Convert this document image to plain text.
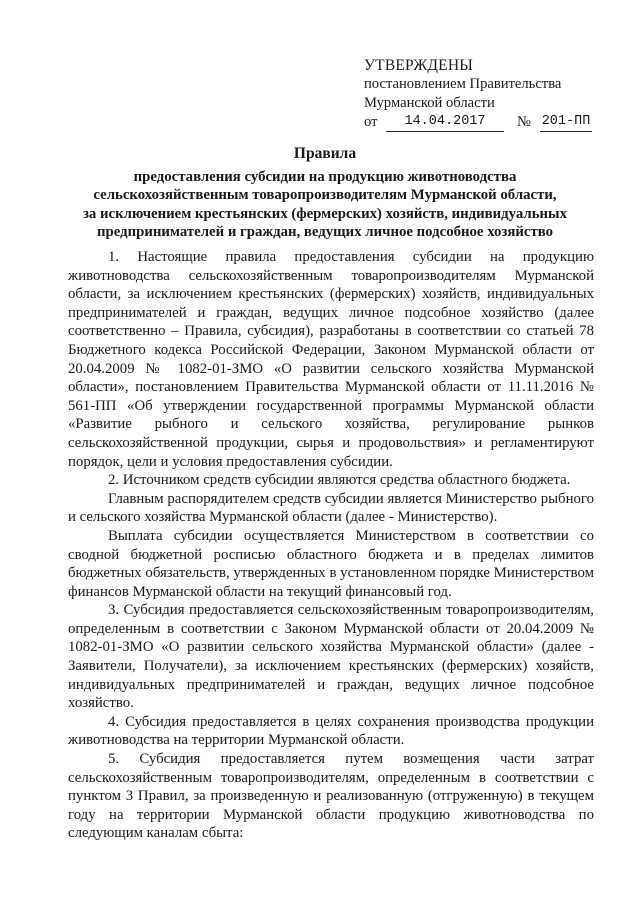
УТВЕРЖДЕНЫ
постановлением Правительства
Мурманской области
от	14.04.2017	№ 201-ПП
Правила
предоставления субсидии на продукцию животноводства
сельскохозяйственным товаропроизводителям Мурманской области,
за исключением крестьянских (фермерских) хозяйств, индивидуальных
предпринимателей и граждан, ведущих личное подсобное хозяйство

1. Настоящие правила предоставления субсидии на продукцию животноводства сельскохозяйственным товаропроизводителям Мурманской области, за исключением крестьянских (фермерских) хозяйств, индивидуальных предпринимателей и граждан, ведущих личное подсобное хозяйство (далее соответственно – Правила, субсидия), разработаны в соответствии со статьей 78 Бюджетного кодекса Российской Федерации, Законом Мурманской области от 20.04.2009 № 1082-01-ЗМО «О развитии сельского хозяйства Мурманской области», постановлением Правительства Мурманской области от 11.11.2016 № 561-ПП «Об утверждении государственной программы Мурманской области «Развитие рыбного и сельского хозяйства, регулирование рынков сельскохозяйственной продукции, сырья и продовольствия» и регламентируют порядок, цели и условия предоставления субсидии.

2. Источником средств субсидии являются средства областного бюджета.

Главным распорядителем средств субсидии является Министерство рыбного и сельского хозяйства Мурманской области (далее - Министерство).

Выплата субсидии осуществляется Министерством в соответствии со сводной бюджетной росписью областного бюджета и в пределах лимитов бюджетных обязательств, утвержденных в установленном порядке Министерством финансов Мурманской области на текущий финансовый год.

3. Субсидия предоставляется сельскохозяйственным товаропроизводителям, определенным в соответствии с Законом Мурманской области от 20.04.2009 № 1082-01-ЗМО «О развитии сельского хозяйства Мурманской области» (далее - Заявители, Получатели), за исключением крестьянских (фермерских) хозяйств, индивидуальных предпринимателей и граждан, ведущих личное подсобное хозяйство.

4. Субсидия предоставляется в целях сохранения производства продукции животноводства на территории Мурманской области.

5. Субсидия предоставляется путем возмещения части затрат сельскохозяйственным товаропроизводителям, определенным в соответствии с пунктом 3 Правил, за произведенную и реализованную (отгруженную) в текущем году на территории Мурманской области продукцию животноводства по следующим каналам сбыта:
